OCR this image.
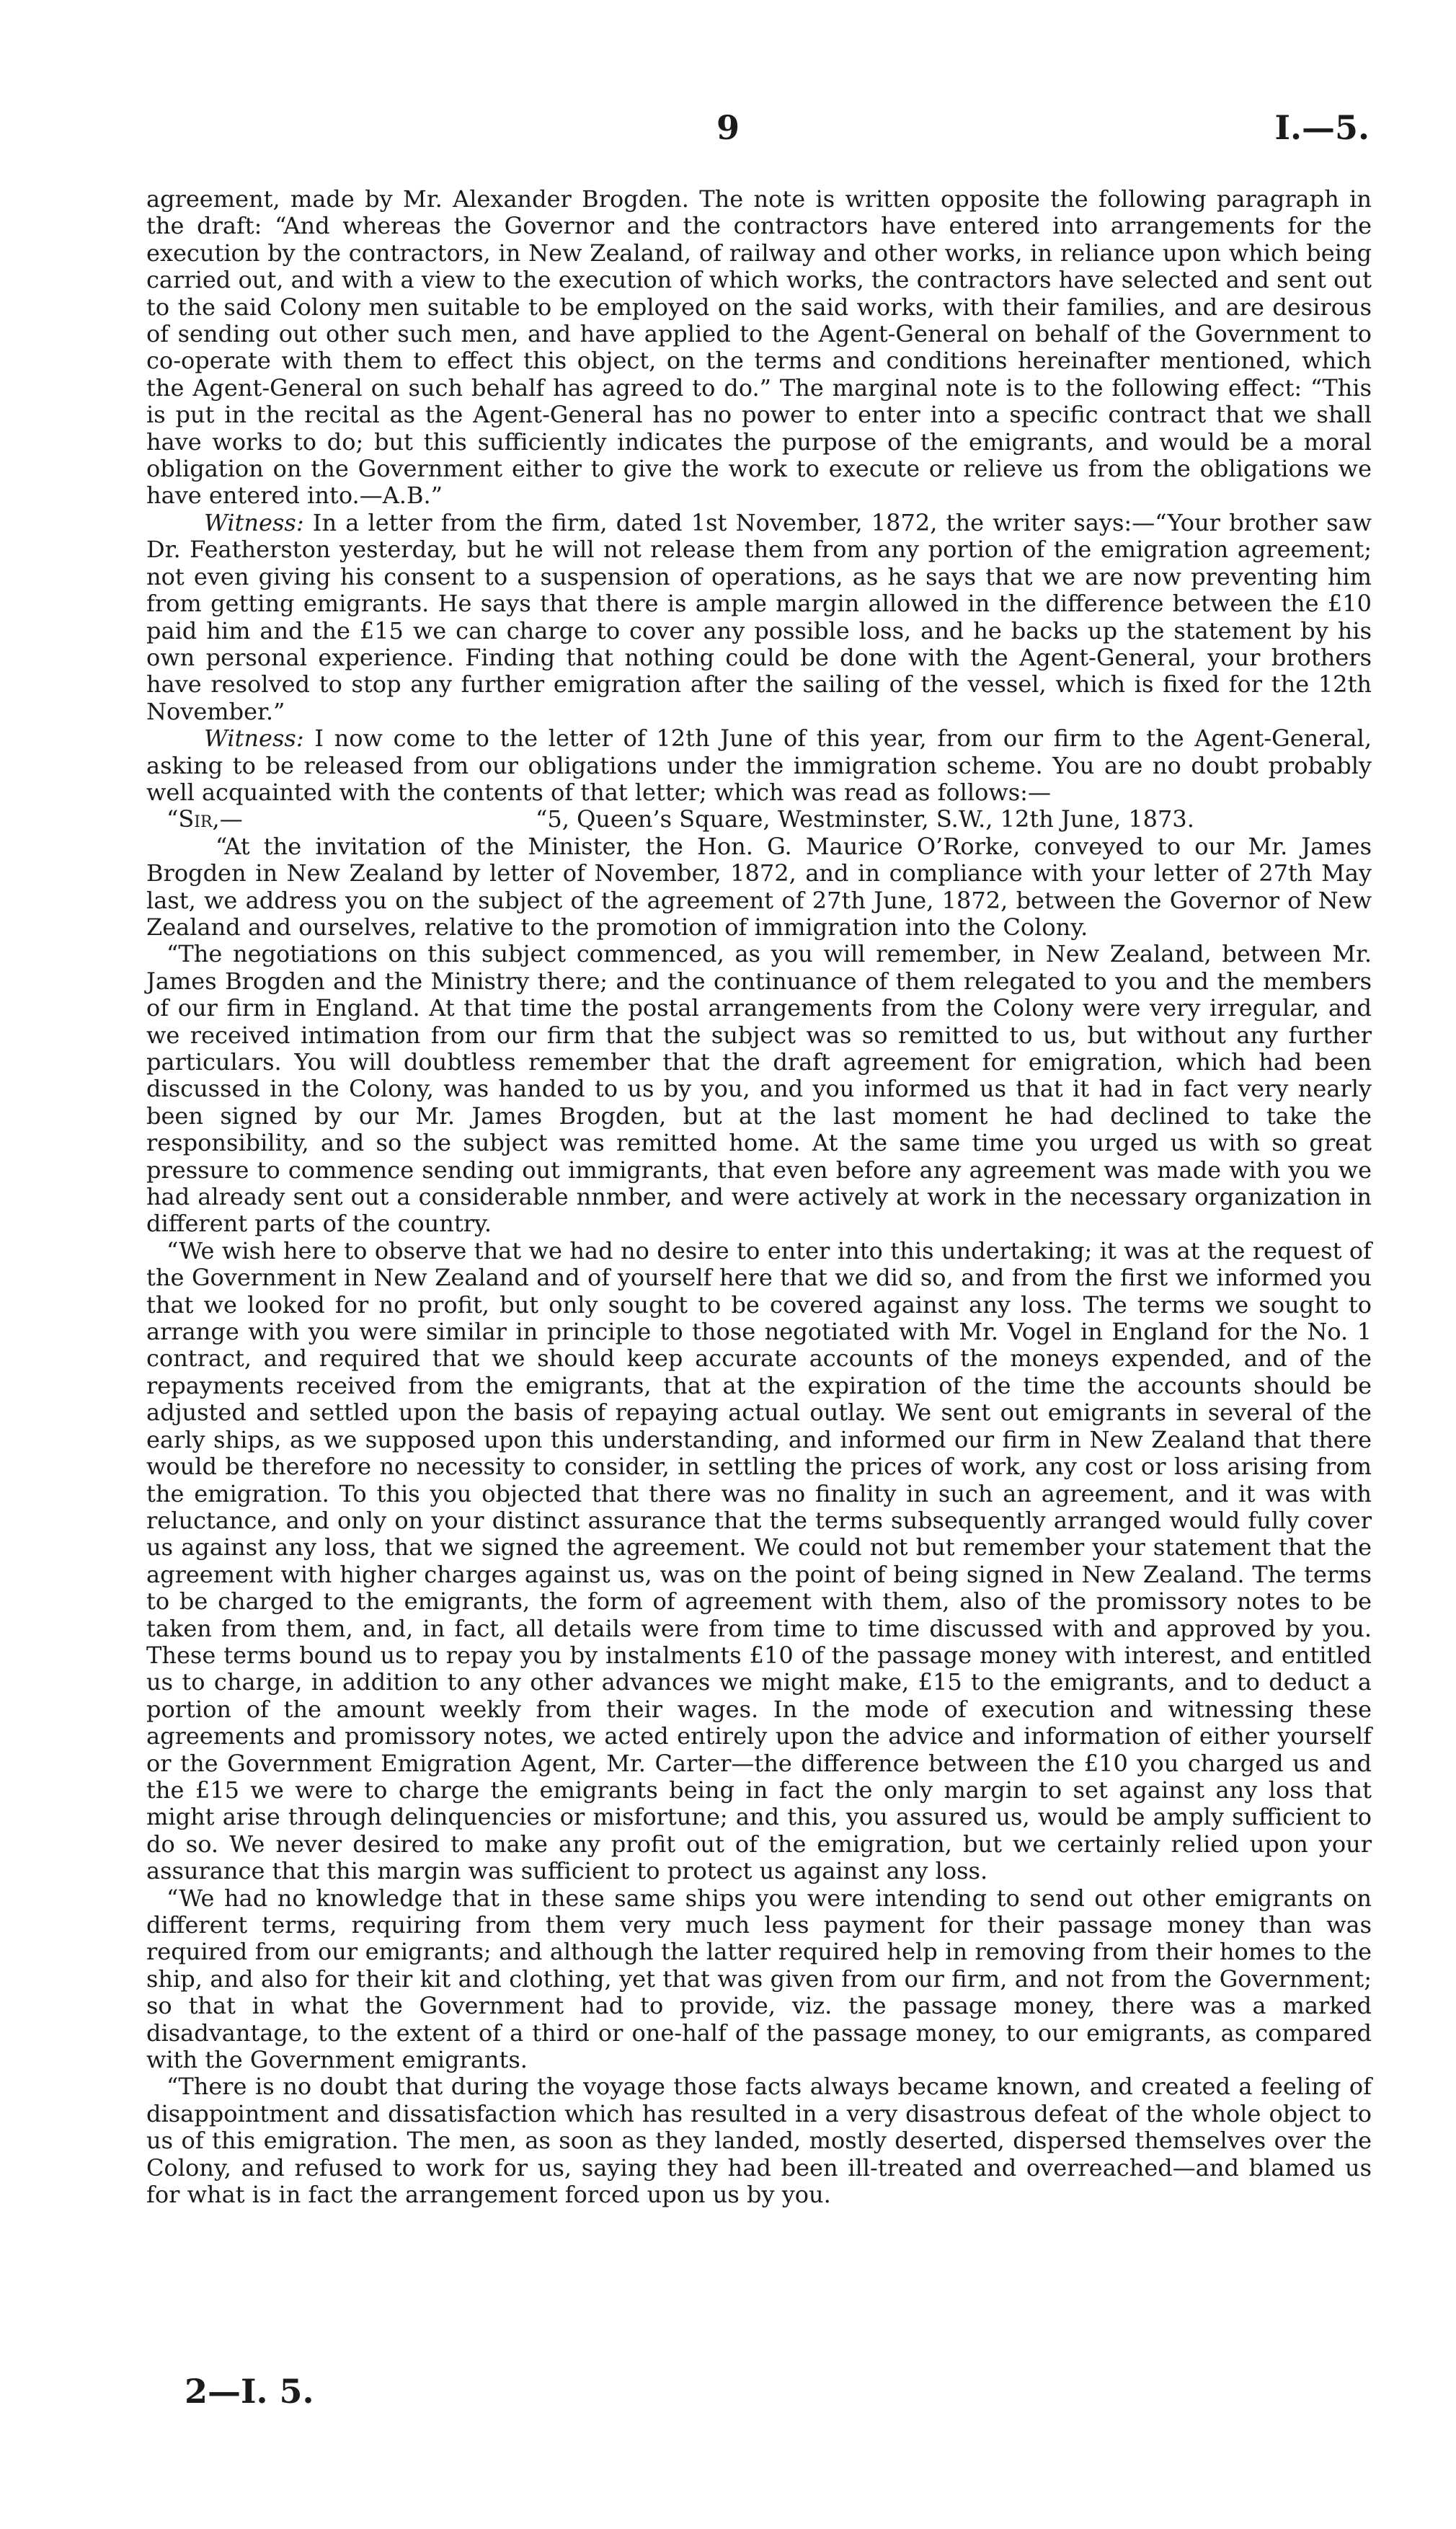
9	I.—5.

agreement, made by Mr. Alexander Brogden. The note is written opposite the following paragraph in the draft: “And whereas the Governor and the contractors have entered into arrangements for the execution by the contractors, in New Zealand, of railway and other works, in reliance upon which being carried out, and with a view to the execution of which works, the contractors have selected and sent out to the said Colony men suitable to be employed on the said works, with their families, and are desirous of sending out other such men, and have applied to the Agent-General on behalf of the Government to co-operate with them to effect this object, on the terms and conditions hereinafter mentioned, which the Agent-General on such behalf has agreed to do.” The marginal note is to the following effect: “This is put in the recital as the Agent-General has no power to enter into a specific contract that we shall have works to do; but this sufficiently indicates the purpose of the emigrants, and would be a moral obligation on the Government either to give the work to execute or relieve us from the obligations we have entered into.—A.B.”

Witness: In a letter from the firm, dated 1st November, 1872, the writer says:—“Your brother saw Dr. Featherston yesterday, but he will not release them from any portion of the emigration agreement; not even giving his consent to a suspension of operations, as he says that we are now preventing him from getting emigrants. He says that there is ample margin allowed in the difference between the £10 paid him and the £15 we can charge to cover any possible loss, and he backs up the statement by his own personal experience. Finding that nothing could be done with the Agent-General, your brothers have resolved to stop any further emigration after the sailing of the vessel, which is fixed for the 12th November.”

Witness: I now come to the letter of 12th June of this year, from our firm to the Agent-General, asking to be released from our obligations under the immigration scheme. You are no doubt probably well acquainted with the contents of that letter; which was read as follows:—

“Sir,—	“5, Queen’s Square, Westminster, S.W., 12th June, 1873.

“At the invitation of the Minister, the Hon. G. Maurice O’Rorke, conveyed to our Mr. James Brogden in New Zealand by letter of November, 1872, and in compliance with your letter of 27th May last, we address you on the subject of the agreement of 27th June, 1872, between the Governor of New Zealand and ourselves, relative to the promotion of immigration into the Colony.

“The negotiations on this subject commenced, as you will remember, in New Zealand, between Mr. James Brogden and the Ministry there; and the continuance of them relegated to you and the members of our firm in England. At that time the postal arrangements from the Colony were very irregular, and we received intimation from our firm that the subject was so remitted to us, but without any further particulars. You will doubtless remember that the draft agreement for emigration, which had been discussed in the Colony, was handed to us by you, and you informed us that it had in fact very nearly been signed by our Mr. James Brogden, but at the last moment he had declined to take the responsibility, and so the subject was remitted home. At the same time you urged us with so great pressure to commence sending out immigrants, that even before any agreement was made with you we had already sent out a considerable nnmber, and were actively at work in the necessary organization in different parts of the country.

“We wish here to observe that we had no desire to enter into this undertaking; it was at the request of the Government in New Zealand and of yourself here that we did so, and from the first we informed you that we looked for no profit, but only sought to be covered against any loss. The terms we sought to arrange with you were similar in principle to those negotiated with Mr. Vogel in England for the No. 1 contract, and required that we should keep accurate accounts of the moneys expended, and of the repayments received from the emigrants, that at the expiration of the time the accounts should be adjusted and settled upon the basis of repaying actual outlay. We sent out emigrants in several of the early ships, as we supposed upon this understanding, and informed our firm in New Zealand that there would be therefore no necessity to consider, in settling the prices of work, any cost or loss arising from the emigration. To this you objected that there was no finality in such an agreement, and it was with reluctance, and only on your distinct assurance that the terms subsequently arranged would fully cover us against any loss, that we signed the agreement. We could not but remember your statement that the agreement with higher charges against us, was on the point of being signed in New Zealand. The terms to be charged to the emigrants, the form of agreement with them, also of the promissory notes to be taken from them, and, in fact, all details were from time to time discussed with and approved by you. These terms bound us to repay you by instalments £10 of the passage money with interest, and entitled us to charge, in addition to any other advances we might make, £15 to the emigrants, and to deduct a portion of the amount weekly from their wages. In the mode of execution and witnessing these agreements and promissory notes, we acted entirely upon the advice and information of either yourself or the Government Emigration Agent, Mr. Carter—the difference between the £10 you charged us and the £15 we were to charge the emigrants being in fact the only margin to set against any loss that might arise through delinquencies or misfortune; and this, you assured us, would be amply sufficient to do so. We never desired to make any profit out of the emigration, but we certainly relied upon your assurance that this margin was sufficient to protect us against any loss.

“We had no knowledge that in these same ships you were intending to send out other emigrants on different terms, requiring from them very much less payment for their passage money than was required from our emigrants; and although the latter required help in removing from their homes to the ship, and also for their kit and clothing, yet that was given from our firm, and not from the Government; so that in what the Government had to provide, viz. the passage money, there was a marked disadvantage, to the extent of a third or one-half of the passage money, to our emigrants, as compared with the Government emigrants.

“There is no doubt that during the voyage those facts always became known, and created a feeling of disappointment and dissatisfaction which has resulted in a very disastrous defeat of the whole object to us of this emigration. The men, as soon as they landed, mostly deserted, dispersed themselves over the Colony, and refused to work for us, saying they had been ill-treated and overreached—and blamed us for what is in fact the arrangement forced upon us by you.

2—I. 5.
